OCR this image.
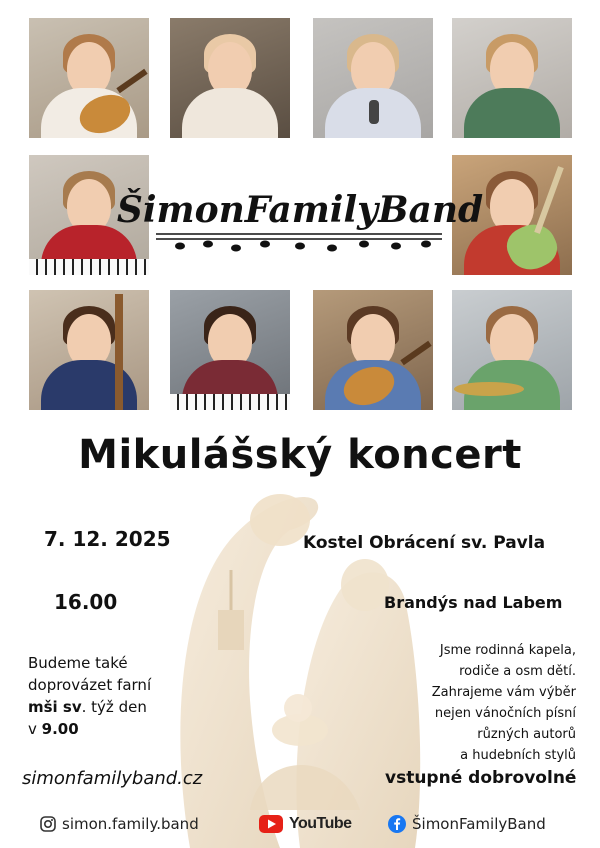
ŠimonFamilyBand
Mikulášský koncert
7. 12. 2025
16.00
Budeme také
doprovázet farní
mši sv. týž den
v 9.00
simonfamilyband.cz
Kostel Obrácení sv. Pavla
Brandýs nad Labem
Jsme rodinná kapela,
rodiče a osm dětí.
Zahrajeme vám výběr
nejen vánočních písní
různých autorů
a hudebních stylů
vstupné dobrovolné
simon.family.band	YouTube	ŠimonFamilyBand
